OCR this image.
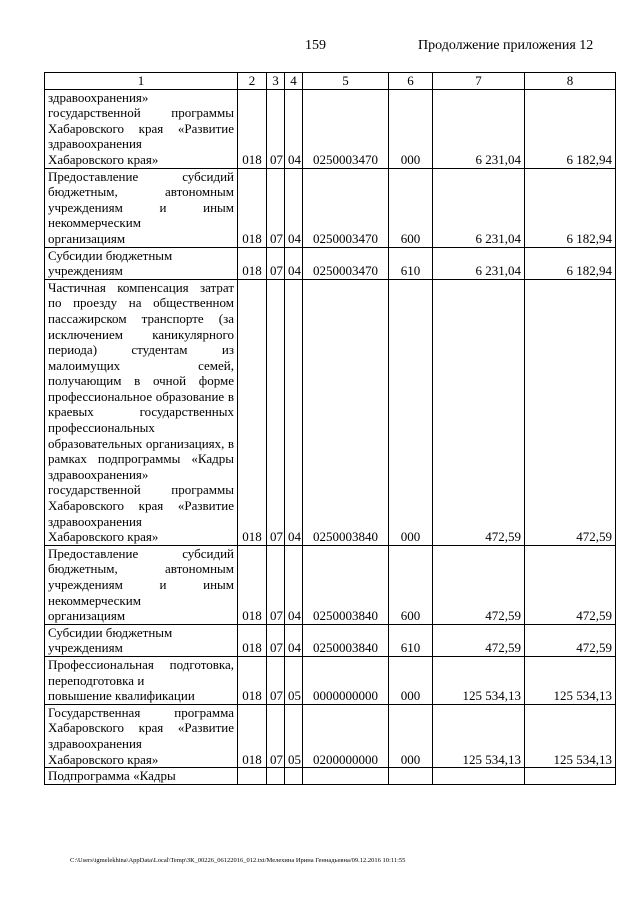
159	Продолжение приложения 12
1	2	3	4	5	6	7	8
здравоохранения»
государственной программы Хабаровского края «Развитие здравоохранения
Хабаровского края»	018	07	04	0250003470	000	6 231,04	6 182,94
Предоставление субсидий бюджетным, автономным учреждениям и иным некоммерческим
организациям	018	07	04	0250003470	600	6 231,04	6 182,94
Субсидии бюджетным
учреждениям	018	07	04	0250003470	610	6 231,04	6 182,94
Частичная компенсация затрат по проезду на общественном пассажирском транспорте (за исключением каникулярного периода) студентам из малоимущих семей, получающим в очной форме профессиональное образование в краевых государственных профессиональных образовательных организациях, в рамках подпрограммы «Кадры здравоохранения» государственной программы Хабаровского края «Развитие здравоохранения
Хабаровского края»	018	07	04	0250003840	000	472,59	472,59
Предоставление субсидий бюджетным, автономным учреждениям и иным некоммерческим
организациям	018	07	04	0250003840	600	472,59	472,59
Субсидии бюджетным
учреждениям	018	07	04	0250003840	610	472,59	472,59
Профессиональная подготовка, переподготовка и
повышение квалификации	018	07	05	0000000000	000	125 534,13	125 534,13
Государственная программа Хабаровского края «Развитие здравоохранения
Хабаровского края»	018	07	05	0200000000	000	125 534,13	125 534,13
Подпрограмма «Кадры							
C:\Users\igmelekhina\AppData\Local\Temp\ЗК_00226_06122016_012.txt/Мелехина Ирина Геннадьевна/09.12.2016 10:11:55
